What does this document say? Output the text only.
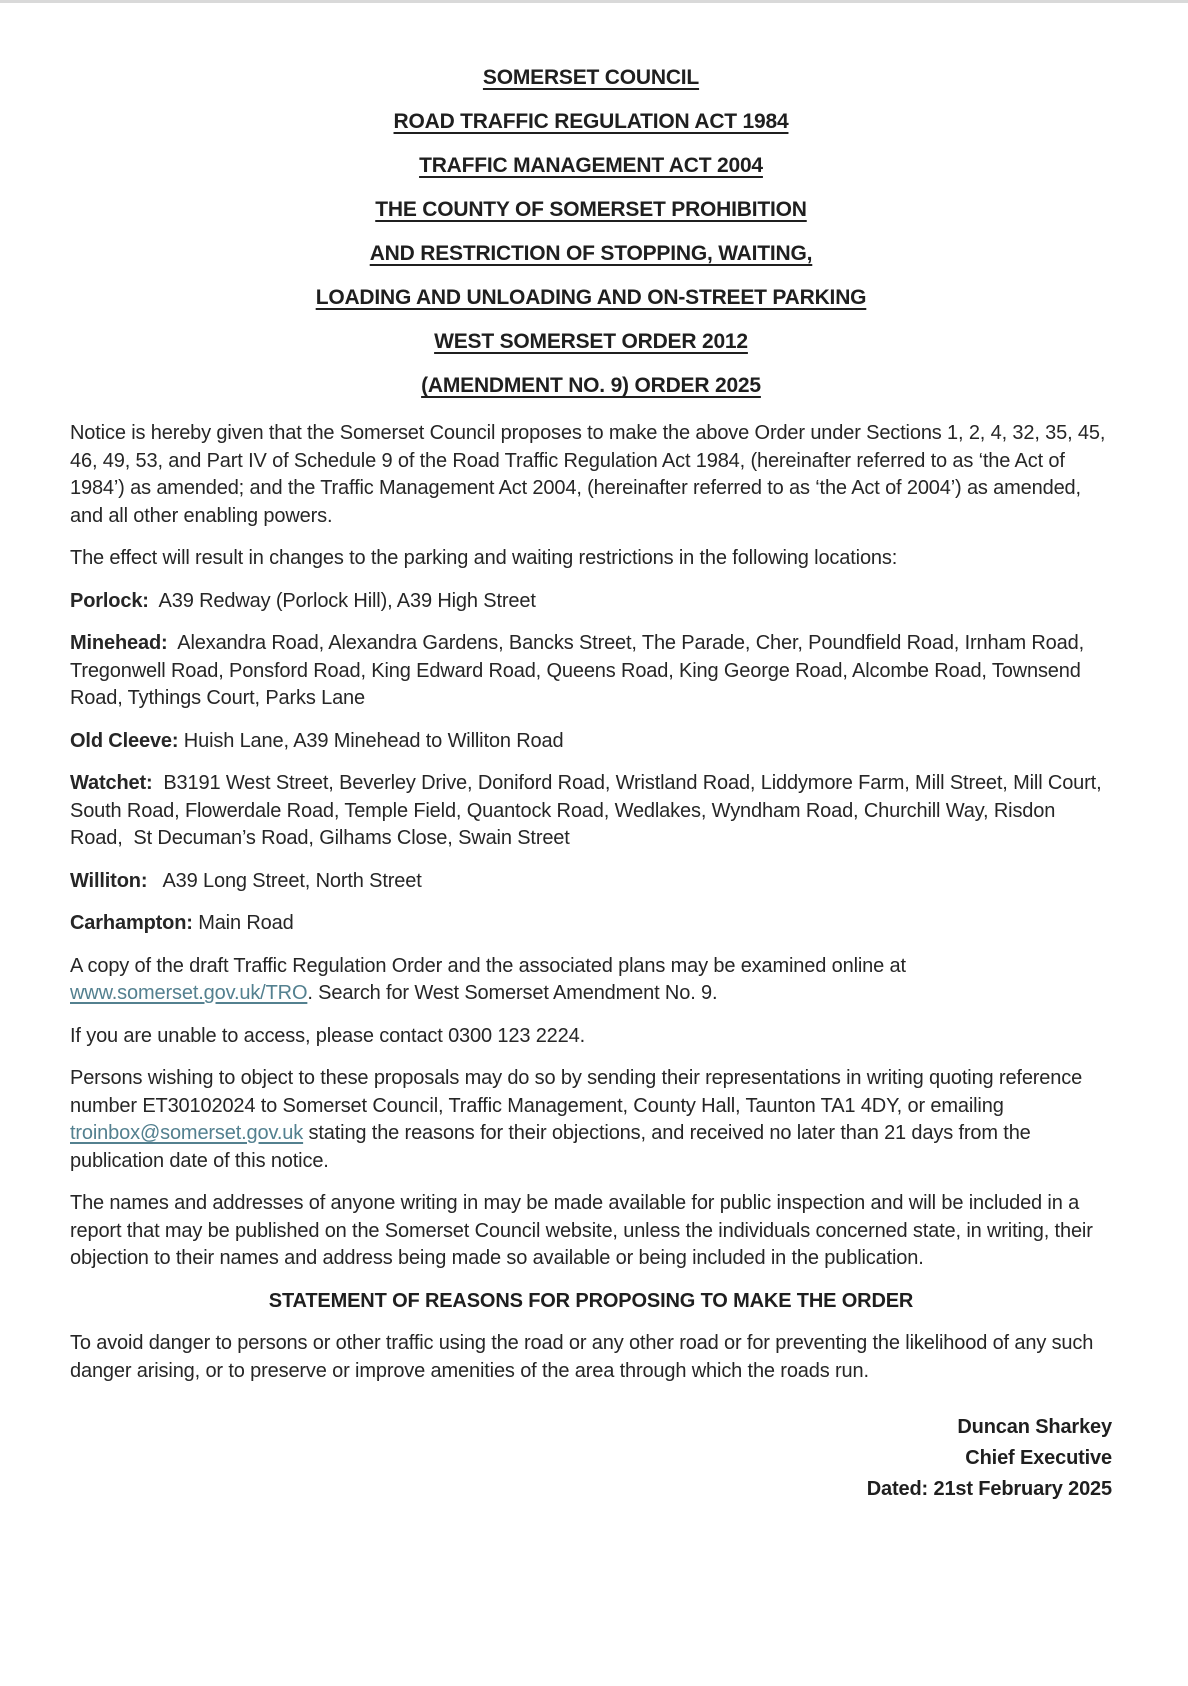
SOMERSET COUNCIL
ROAD TRAFFIC REGULATION ACT 1984
TRAFFIC MANAGEMENT ACT 2004
THE COUNTY OF SOMERSET PROHIBITION
AND RESTRICTION OF STOPPING, WAITING,
LOADING AND UNLOADING AND ON-STREET PARKING
WEST SOMERSET ORDER 2012
(AMENDMENT NO. 9) ORDER 2025

Notice is hereby given that the Somerset Council proposes to make the above Order under Sections 1, 2, 4, 32, 35, 45, 46, 49, 53, and Part IV of Schedule 9 of the Road Traffic Regulation Act 1984, (hereinafter referred to as ‘the Act of 1984’) as amended; and the Traffic Management Act 2004, (hereinafter referred to as ‘the Act of 2004’) as amended, and all other enabling powers.

The effect will result in changes to the parking and waiting restrictions in the following locations:

Porlock:  A39 Redway (Porlock Hill), A39 High Street

Minehead:  Alexandra Road, Alexandra Gardens, Bancks Street, The Parade, Cher, Poundfield Road, Irnham Road, Tregonwell Road, Ponsford Road, King Edward Road, Queens Road, King George Road, Alcombe Road, Townsend Road, Tythings Court, Parks Lane

Old Cleeve: Huish Lane, A39 Minehead to Williton Road

Watchet:  B3191 West Street, Beverley Drive, Doniford Road, Wristland Road, Liddymore Farm, Mill Street, Mill Court, South Road, Flowerdale Road, Temple Field, Quantock Road, Wedlakes, Wyndham Road, Churchill Way, Risdon Road,  St Decuman’s Road, Gilhams Close, Swain Street

Williton:   A39 Long Street, North Street

Carhampton: Main Road

A copy of the draft Traffic Regulation Order and the associated plans may be examined online at www.somerset.gov.uk/TRO. Search for West Somerset Amendment No. 9.

If you are unable to access, please contact 0300 123 2224.

Persons wishing to object to these proposals may do so by sending their representations in writing quoting reference number ET30102024 to Somerset Council, Traffic Management, County Hall, Taunton TA1 4DY, or emailing troinbox@somerset.gov.uk stating the reasons for their objections, and received no later than 21 days from the publication date of this notice.

The names and addresses of anyone writing in may be made available for public inspection and will be included in a report that may be published on the Somerset Council website, unless the individuals concerned state, in writing, their objection to their names and address being made so available or being included in the publication.

STATEMENT OF REASONS FOR PROPOSING TO MAKE THE ORDER

To avoid danger to persons or other traffic using the road or any other road or for preventing the likelihood of any such danger arising, or to preserve or improve amenities of the area through which the roads run.

Duncan Sharkey
Chief Executive
Dated: 21st February 2025
